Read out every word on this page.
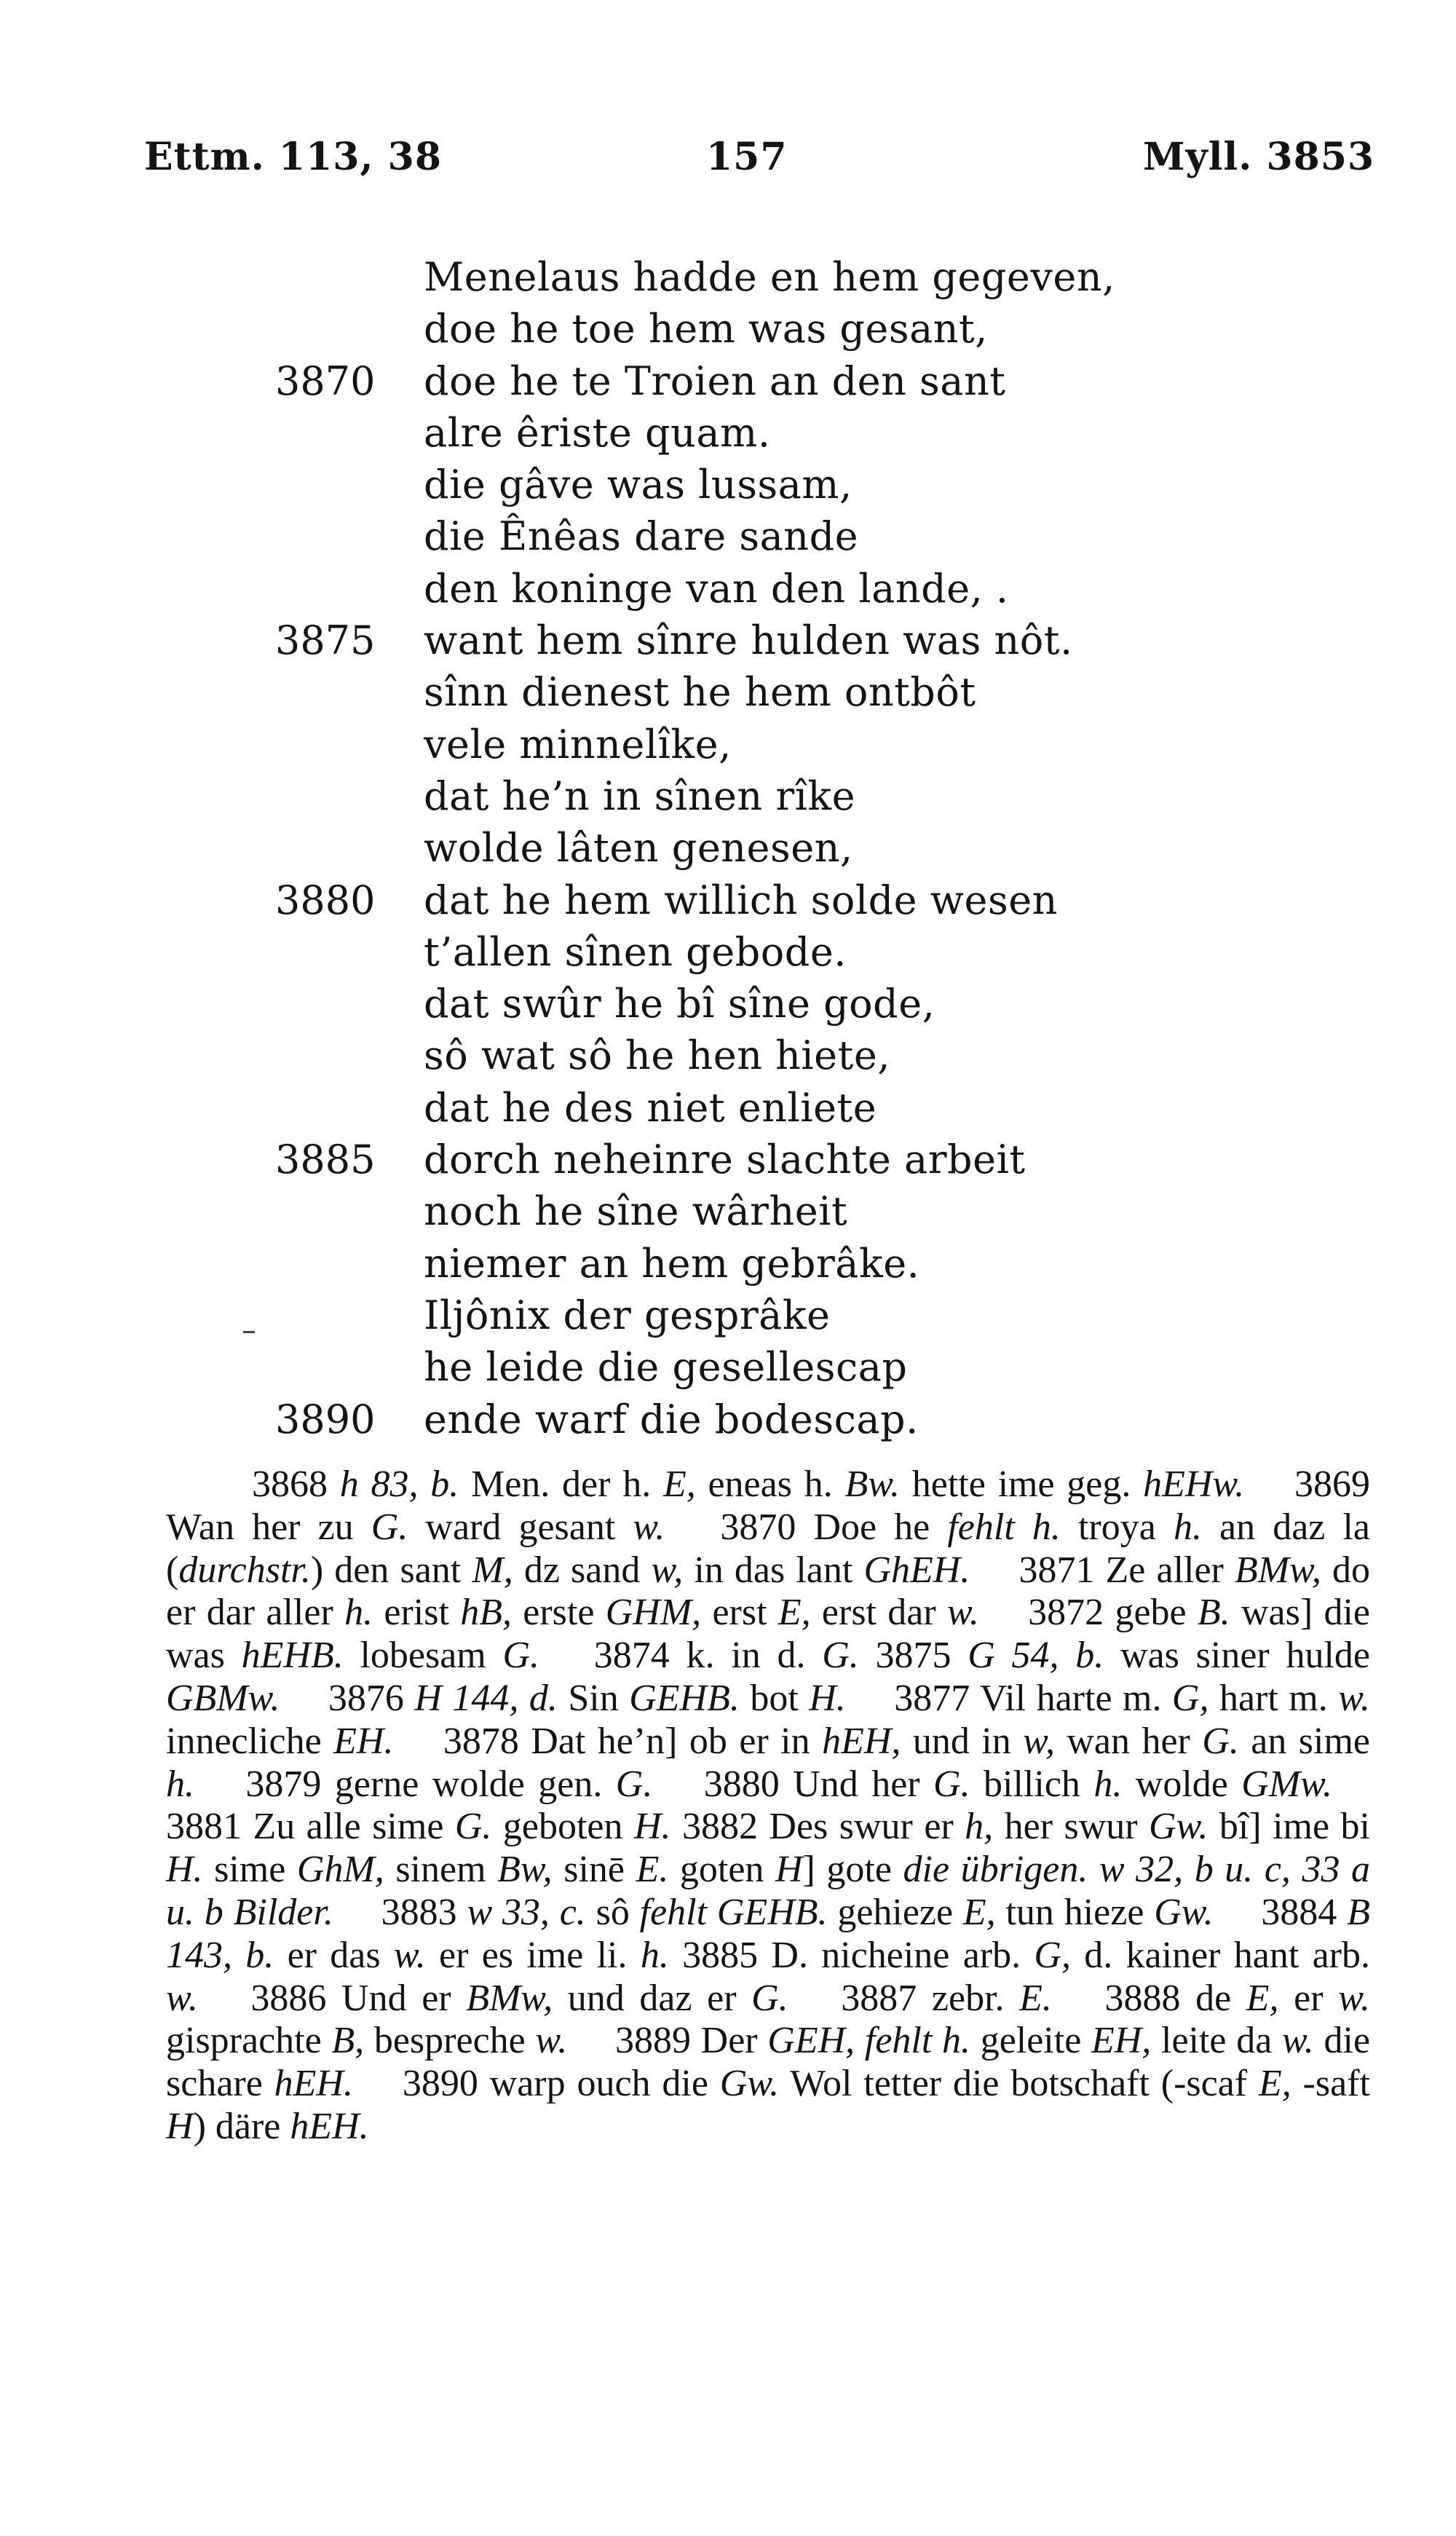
Ettm. 113, 38	157	Myll. 3853
Menelaus hadde en hem gegeven,
doe he toe hem was gesant,
3870 doe he te Troien an den sant
alre êriste quam.
die gâve was lussam,
die Ênêas dare sande
den koninge van den lande, .
3875 want hem sînre hulden was nôt.
sînn dienest he hem ontbôt
vele minnelîke,
dat he’n in sînen rîke
wolde lâten genesen,
3880 dat he hem willich solde wesen
t’allen sînen gebode.
dat swûr he bî sîne gode,
sô wat sô he hen hiete,
dat he des niet enliete
3885 dorch neheinre slachte arbeit
noch he sîne wârheit
niemer an hem gebrâke.
Iljônix der gesprâke
he leide die gesellescap
3890 ende warf die bodescap.

3868 h 83, b. Men. der h. E, eneas h. Bw. hette ime geg. hEHw.  3869 Wan her zu G. ward gesant w.  3870 Doe he fehlt h. troya h. an daz la (durchstr.) den sant M, dz sand w, in das lant GhEH.  3871 Ze aller BMw, do er dar aller h. erist hB, erste GHM, erst E, erst dar w.  3872 gebe B. was] die was hEHB. lobesam G.  3874 k. in d. G. 3875 G 54, b. was siner hulde GBMw.  3876 H 144, d. Sin GEHB. bot H.  3877 Vil harte m. G, hart m. w. innecliche EH.  3878 Dat he’n] ob er in hEH, und in w, wan her G. an sime h.  3879 gerne wolde gen. G.  3880 Und her G. billich h. wolde GMw.  3881 Zu alle sime G. geboten H. 3882 Des swur er h, her swur Gw. bî] ime bi H. sime GhM, sinem Bw, sinē E. goten H] gote die übrigen. w 32, b u. c, 33 a u. b Bilder.  3883 w 33, c. sô fehlt GEHB. gehieze E, tun hieze Gw.  3884 B 143, b. er das w. er es ime li. h. 3885 D. nicheine arb. G, d. kainer hant arb. w.  3886 Und er BMw, und daz er G.  3887 zebr. E.  3888 de E, er w. gisprachte B, bespreche w.  3889 Der GEH, fehlt h. geleite EH, leite da w. die schare hEH.  3890 warp ouch die Gw. Wol tetter die botschaft (-scaf E, -saft H) däre hEH.
